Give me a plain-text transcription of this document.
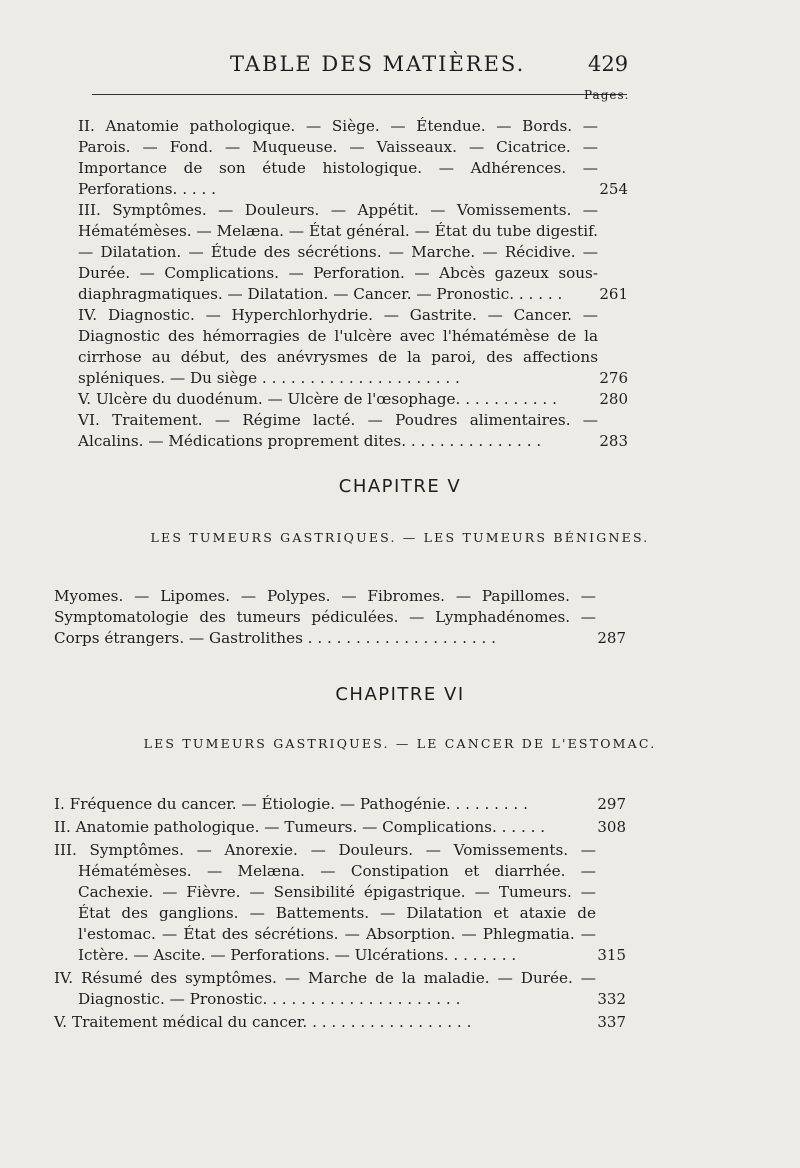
TABLE DES MATIÈRES.	429
Pages.
II. Anatomie pathologique. — Siège. — Étendue. — Bords. — Parois. — Fond. — Muqueuse. — Vaisseaux. — Cicatrice. — Importance de son étude histologique. — Adhérences. — Perforations. . . . .	254
III. Symptômes. — Douleurs. — Appétit. — Vomissements. — Hématémèses. — Melæna. — État général. — État du tube digestif. — Dilatation. — Étude des sécrétions. — Marche. — Récidive. — Durée. — Complications. — Perforation. — Abcès gazeux sous-diaphragmatiques. — Dilatation. — Cancer. — Pronostic. . . . . . 261
IV. Diagnostic. — Hyperchlorhydrie. — Gastrite. — Cancer. — Diagnostic des hémorragies de l'ulcère avec l'hématémèse de la cirrhose au début, des anévrysmes de la paroi, des affections spléniques. — Du siège . . . . . . . . . . . . . . . . . . . . .	276
V. Ulcère du duodénum. — Ulcère de l'œsophage. . . . . . . . . . .	280
VI. Traitement. — Régime lacté. — Poudres alimentaires. — Alcalins. — Médications proprement dites. . . . . . . . . . . . . . .	283
CHAPITRE V
LES TUMEURS GASTRIQUES. — LES TUMEURS BÉNIGNES.
Myomes. — Lipomes. — Polypes. — Fibromes. — Papillomes. — Symptomatologie des tumeurs pédiculées. — Lymphadénomes. — Corps étrangers. — Gastrolithes . . . . . . . . . . . . . . . . . . . .	287
CHAPITRE VI
LES TUMEURS GASTRIQUES. — LE CANCER DE L'ESTOMAC.
I. Fréquence du cancer. — Étiologie. — Pathogénie. . . . . . . . .	297
II. Anatomie pathologique. — Tumeurs. — Complications. . . . . .	308
III. Symptômes. — Anorexie. — Douleurs. — Vomissements. — Hématémèses. — Melæna. — Constipation et diarrhée. — Cachexie. — Fièvre. — Sensibilité épigastrique. — Tumeurs. — État des ganglions. — Battements. — Dilatation et ataxie de l'estomac. — État des sécrétions. — Absorption. — Phlegmatia. — Ictère. — Ascite. — Perforations. — Ulcérations. . . . . . . .	315
IV. Résumé des symptômes. — Marche de la maladie. — Durée. — Diagnostic. — Pronostic. . . . . . . . . . . . . . . . . . . . .	332
V. Traitement médical du cancer. . . . . . . . . . . . . . . . . .	337
